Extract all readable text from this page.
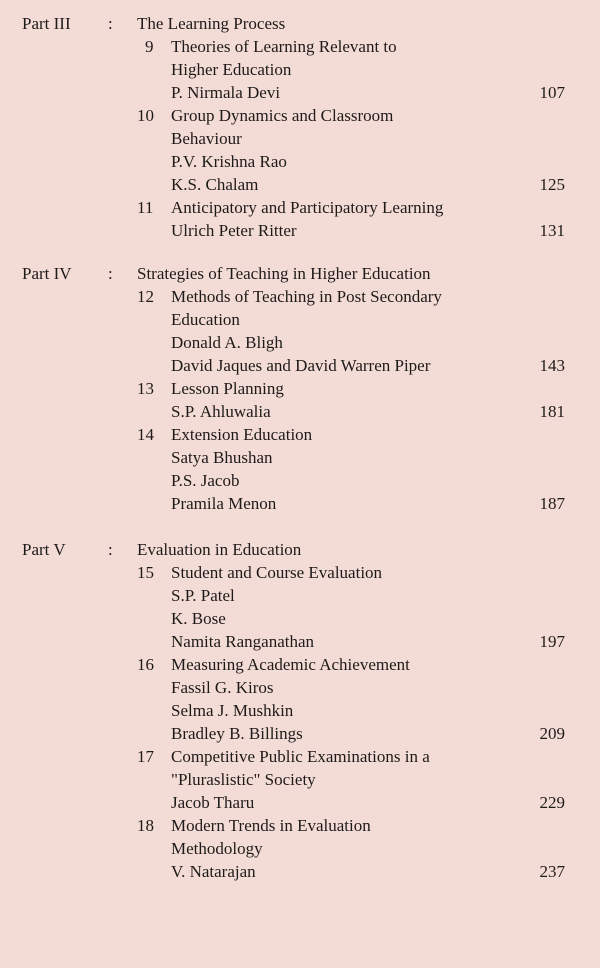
Part III : The Learning Process
9 Theories of Learning Relevant to
Higher Education
P. Nirmala Devi	107
10 Group Dynamics and Classroom
Behaviour
P.V. Krishna Rao
K.S. Chalam	125
11 Anticipatory and Participatory Learning
Ulrich Peter Ritter	131
Part IV : Strategies of Teaching in Higher Education
12 Methods of Teaching in Post Secondary
Education
Donald A. Bligh
David Jaques and David Warren Piper	143
13 Lesson Planning
S.P. Ahluwalia	181
14 Extension Education
Satya Bhushan
P.S. Jacob
Pramila Menon	187
Part V : Evaluation in Education
15 Student and Course Evaluation
S.P. Patel
K. Bose
Namita Ranganathan	197
16 Measuring Academic Achievement
Fassil G. Kiros
Selma J. Mushkin
Bradley B. Billings	209
17 Competitive Public Examinations in a
"Pluraslistic" Society
Jacob Tharu	229
18 Modern Trends in Evaluation
Methodology
V. Natarajan	237
